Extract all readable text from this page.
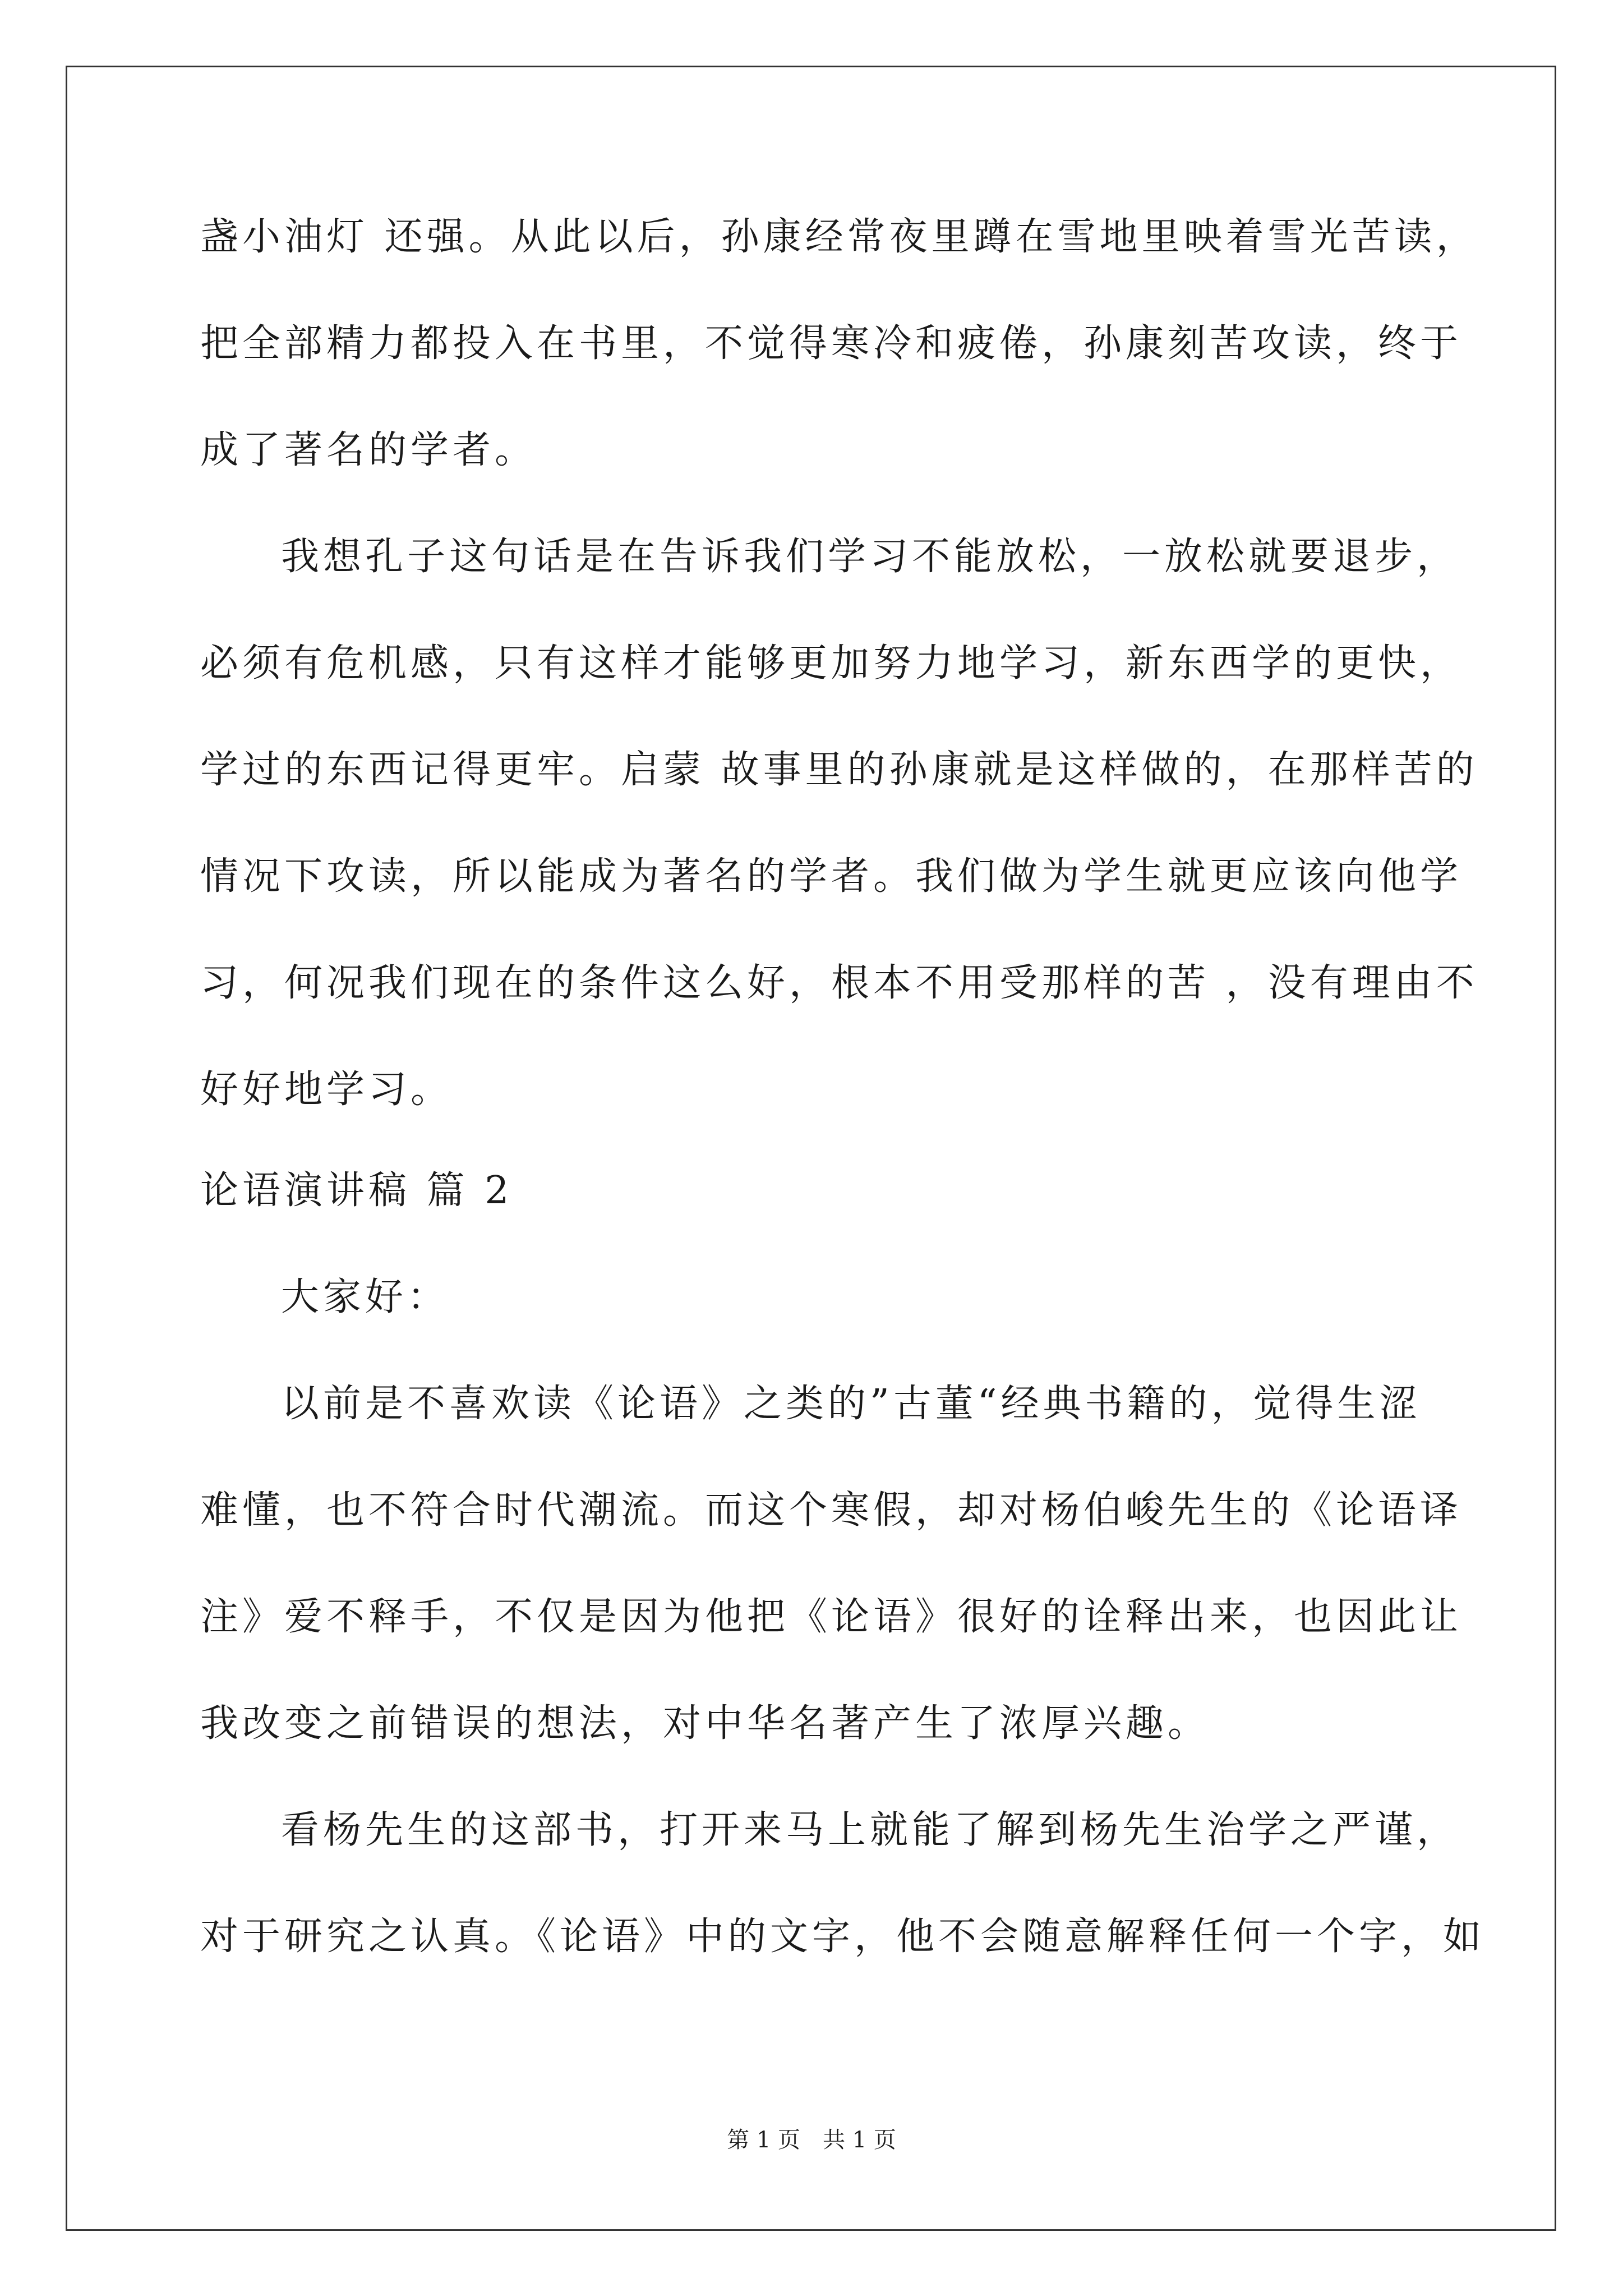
盏小油灯 还强。从此以后，孙康经常夜里蹲在雪地里映着雪光苦读，
把全部精力都投入在书里，不觉得寒冷和疲倦，孙康刻苦攻读，终于
成了著名的学者。
我想孔子这句话是在告诉我们学习不能放松，一放松就要退步，
必须有危机感，只有这样才能够更加努力地学习，新东西学的更快，
学过的东西记得更牢。启蒙 故事里的孙康就是这样做的，在那样苦的
情况下攻读，所以能成为著名的学者。我们做为学生就更应该向他学
习，何况我们现在的条件这么好，根本不用受那样的苦 ，没有理由不
好好地学习。
论语演讲稿 篇 2
大家好：
以前是不喜欢读《论语》之类的”古董“经典书籍的，觉得生涩
难懂，也不符合时代潮流。而这个寒假，却对杨伯峻先生的《论语译
注》爱不释手，不仅是因为他把《论语》很好的诠释出来，也因此让
我改变之前错误的想法，对中华名著产生了浓厚兴趣。
看杨先生的这部书，打开来马上就能了解到杨先生治学之严谨，
对于研究之认真。《论语》中的文字，他不会随意解释任何一个字，如
第 1 页　共 1 页
